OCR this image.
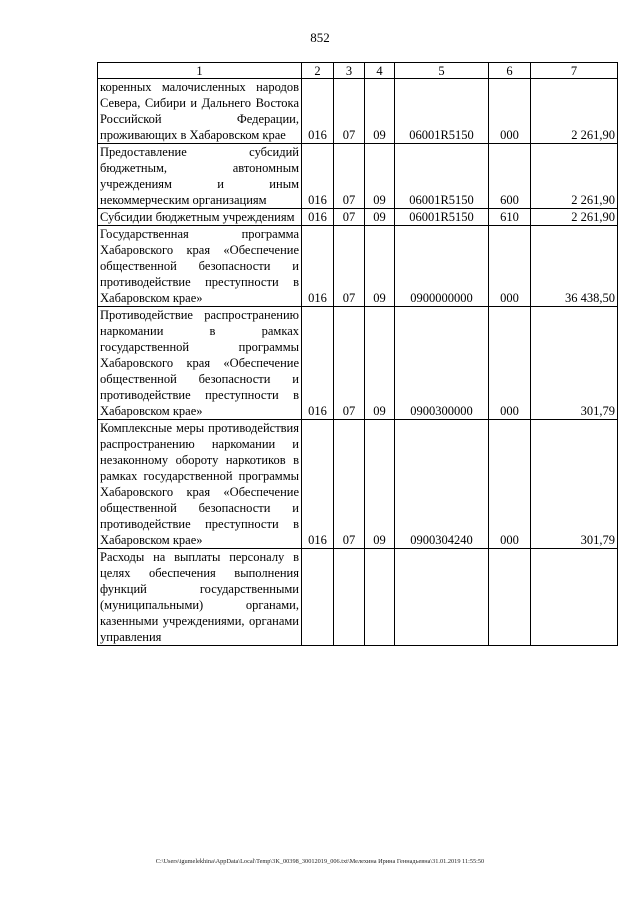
852
1	2	3	4	5	6	7
коренных малочисленных народов Севера, Сибири и Дальнего Востока Российской Федерации, проживающих в Хабаровском крае	016	07	09	06001R5150	000	2 261,90
Предоставление субсидий бюджетным, автономным учреждениям и иным некоммерческим организациям	016	07	09	06001R5150	600	2 261,90
Субсидии бюджетным учреждениям	016	07	09	06001R5150	610	2 261,90
Государственная программа Хабаровского края «Обеспечение общественной безопасности и противодействие преступности в Хабаровском крае»	016	07	09	0900000000	000	36 438,50
Противодействие распространению наркомании в рамках государственной программы Хабаровского края «Обеспечение общественной безопасности и противодействие преступности в Хабаровском крае»	016	07	09	0900300000	000	301,79
Комплексные меры противодействия распространению наркомании и незаконному обороту наркотиков в рамках государственной программы Хабаровского края «Обеспечение общественной безопасности и противодействие преступности в Хабаровском крае»	016	07	09	0900304240	000	301,79
Расходы на выплаты персоналу в целях обеспечения выполнения функций государственными (муниципальными) органами, казенными учреждениями, органами управления						
C:\Users\igumelekhina\AppData\Local\Temp\3K_00398_30012019_006.txt\Мелехина Ирина Геннадьевна\31.01.2019 11:55:50
